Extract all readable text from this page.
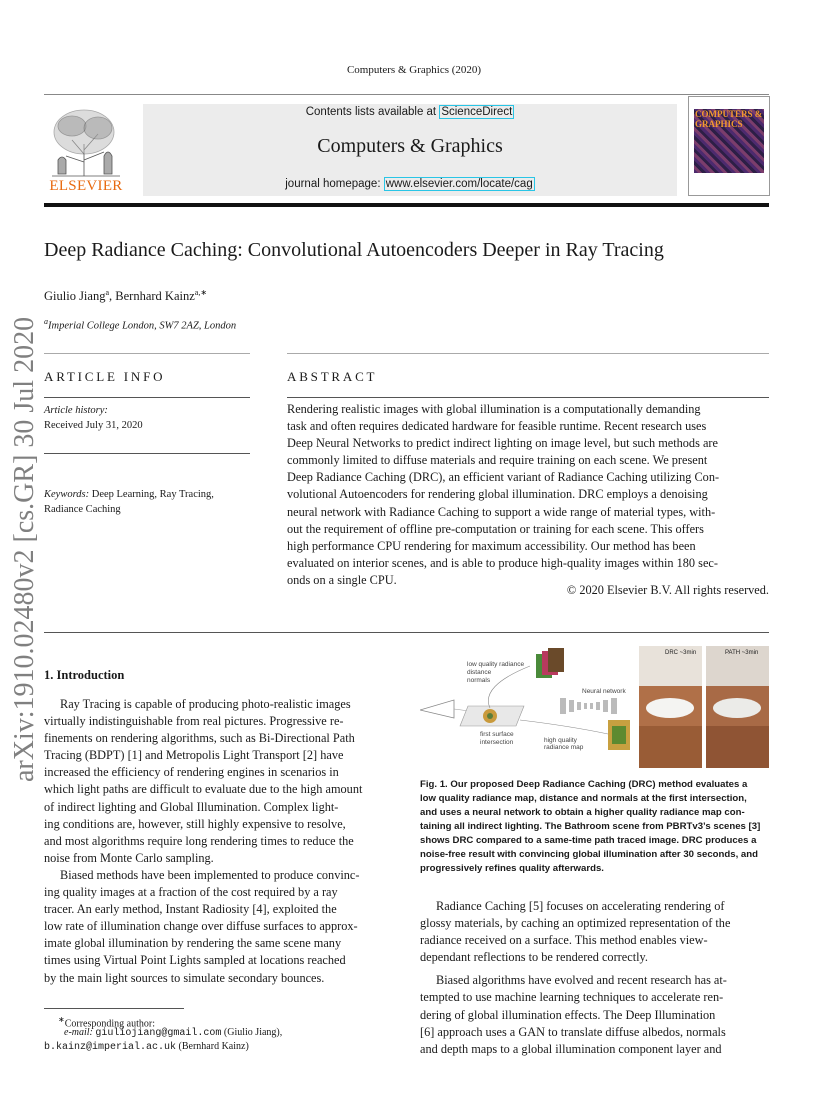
Computers & Graphics (2020)
ELSEVIER
Contents lists available at ScienceDirect
Computers & Graphics
journal homepage: www.elsevier.com/locate/cag
COMPUTERS & GRAPHICS
arXiv:1910.02480v2 [cs.GR] 30 Jul 2020
Deep Radiance Caching: Convolutional Autoencoders Deeper in Ray Tracing
Giulio Jiang$^a$, Bernhard Kainz$^{a,∗}$
$^a$Imperial College London, SW7 2AZ, London
ARTICLE INFO
Article history:
Received July 31, 2020
Keywords: Deep Learning, Ray Tracing,
Radiance Caching
ABSTRACT
Rendering realistic images with global illumination is a computationally demanding
task and often requires dedicated hardware for feasible runtime. Recent research uses
Deep Neural Networks to predict indirect lighting on image level, but such methods are
commonly limited to diffuse materials and require training on each scene. We present
Deep Radiance Caching (DRC), an efficient variant of Radiance Caching utilizing Con-
volutional Autoencoders for rendering global illumination. DRC employs a denoising
neural network with Radiance Caching to support a wide range of material types, with-
out the requirement of offline pre-computation or training for each scene. This offers
high performance CPU rendering for maximum accessibility. Our method has been
evaluated on interior scenes, and is able to produce high-quality images within 180 sec-
onds on a single CPU.
© 2020 Elsevier B.V. All rights reserved.
1. Introduction
Ray Tracing is capable of producing photo-realistic images
virtually indistinguishable from real pictures. Progressive re-
finements on rendering algorithms, such as Bi-Directional Path
Tracing (BDPT) [1] and Metropolis Light Transport [2] have
increased the efficiency of rendering engines in scenarios in
which light paths are difficult to evaluate due to the high amount
of indirect lighting and Global Illumination. Complex light-
ing conditions are, however, still highly expensive to resolve,
and most algorithms require long rendering times to reduce the
noise from Monte Carlo sampling.
Biased methods have been implemented to produce convinc-
ing quality images at a fraction of the cost required by a ray
tracer. An early method, Instant Radiosity [4], exploited the
low rate of illumination change over diffuse surfaces to approx-
imate global illumination by rendering the same scene many
times using Virtual Point Lights sampled at locations reached
by the main light sources to simulate secondary bounces.
∗Corresponding author:
e-mail: giuliojiang@gmail.com (Giulio Jiang),
b.kainz@imperial.ac.uk (Bernhard Kainz)
low quality radiance
distance
normals
Neural network
first surface
intersection	high quality
radiance map
DRC ~3min	PATH ~3min
Fig. 1. Our proposed Deep Radiance Caching (DRC) method evaluates a
low quality radiance map, distance and normals at the first intersection,
and uses a neural network to obtain a higher quality radiance map con-
taining all indirect lighting. The Bathroom scene from PBRTv3’s scenes [3]
shows DRC compared to a same-time path traced image. DRC produces a
noise-free result with convincing global illumination after 30 seconds, and
progressively refines quality afterwards.
Radiance Caching [5] focuses on accelerating rendering of
glossy materials, by caching an optimized representation of the
radiance received on a surface. This method enables view-
dependant reflections to be rendered correctly.
Biased algorithms have evolved and recent research has at-
tempted to use machine learning techniques to accelerate ren-
dering of global illumination effects. The Deep Illumination
[6] approach uses a GAN to translate diffuse albedos, normals
and depth maps to a global illumination component layer and
